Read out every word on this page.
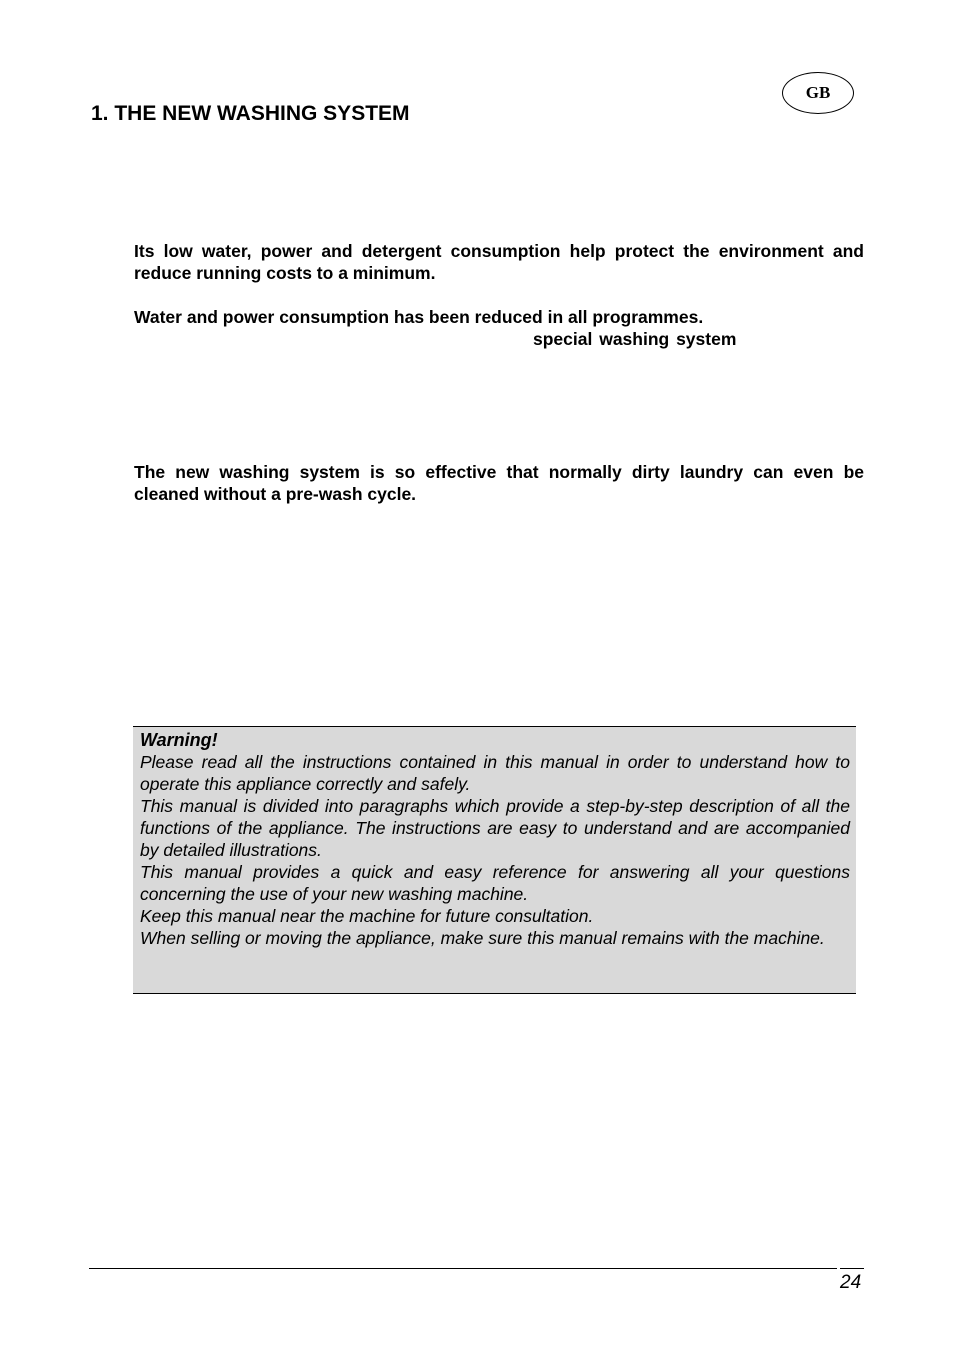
GB
1. THE NEW WASHING SYSTEM

Its low water, power and detergent consumption help protect the environment and reduce running costs to a minimum.

Water and power consumption has been reduced in all programmes.

special washing system

The new washing system is so effective that normally dirty laundry can even be cleaned without a pre-wash cycle.

Warning!

Please read all the instructions contained in this manual in order to understand how to operate this appliance correctly and safely.

This manual is divided into paragraphs which provide a step-by-step description of all the functions of the appliance. The instructions are easy to understand and are accompanied by detailed illustrations.

This manual provides a quick and easy reference for answering all your questions concerning the use of your new washing machine.

Keep this manual near the machine for future consultation.

When selling or moving the appliance, make sure this manual remains with the machine.

24
